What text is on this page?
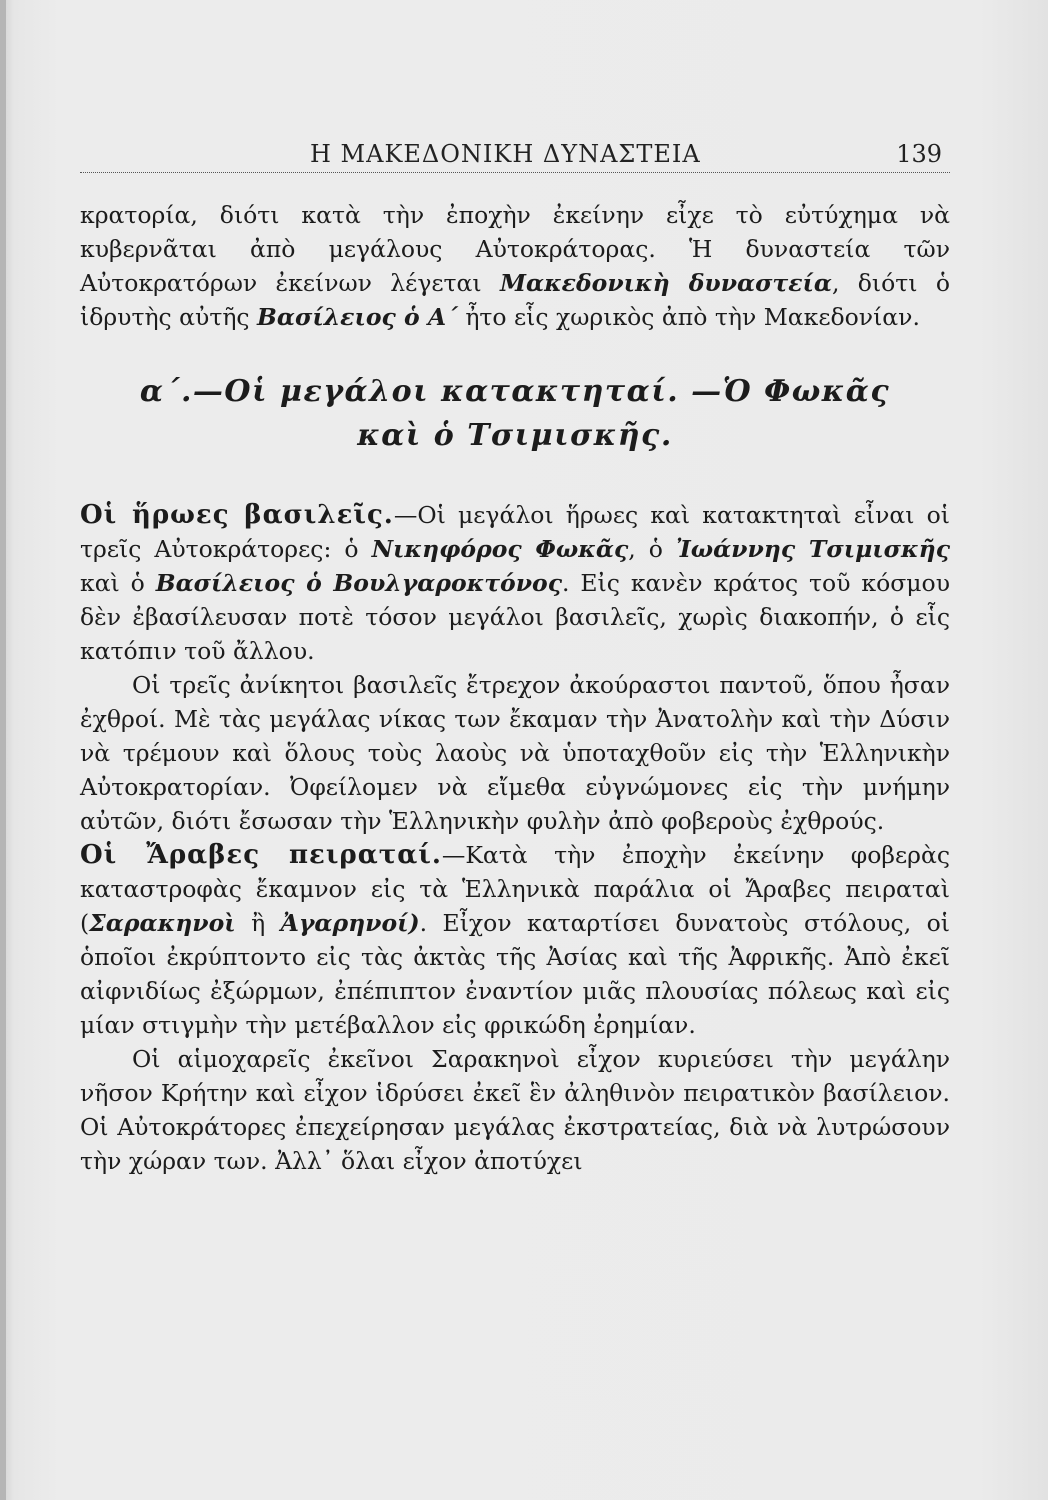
Η ΜΑΚΕΔΟΝΙΚΗ ΔΥΝΑΣΤΕΙΑ	139

κρατορία, διότι κατὰ τὴν ἐποχὴν ἐκείνην εἶχε τὸ εὐτύχημα νὰ κυβερνᾶται ἀπὸ μεγάλους Αὐτοκράτορας. Ἡ δυναστεία τῶν Αὐτοκρατόρων ἐκείνων λέγεται Μακεδονικὴ δυναστεία, διότι ὁ ἱδρυτὴς αὐτῆς Βασίλειος ὁ Α΄ ἦτο εἷς χωρικὸς ἀπὸ τὴν Μακεδονίαν.

α΄.—Οἱ μεγάλοι κατακτηταί. —Ὁ Φωκᾶς

καὶ ὁ Τσιμισκῆς.

Οἱ ἥρωες βασιλεῖς.—Οἱ μεγάλοι ἥρωες καὶ κατακτηταὶ εἶναι οἱ τρεῖς Αὐτοκράτορες: ὁ Νικηφόρος Φωκᾶς, ὁ Ἰωάννης Τσιμισκῆς καὶ ὁ Βασίλειος ὁ Βουλγαροκτόνος. Εἰς κανὲν κράτος τοῦ κόσμου δὲν ἐβασίλευσαν ποτὲ τόσον μεγάλοι βασιλεῖς, χωρὶς διακοπήν, ὁ εἷς κατόπιν τοῦ ἄλλου.

Οἱ τρεῖς ἀνίκητοι βασιλεῖς ἔτρεχον ἀκούραστοι παντοῦ, ὅπου ἦσαν ἐχθροί. Μὲ τὰς μεγάλας νίκας των ἔκαμαν τὴν Ἀνατολὴν καὶ τὴν Δύσιν νὰ τρέμουν καὶ ὅλους τοὺς λαοὺς νὰ ὑποταχθοῦν εἰς τὴν Ἑλληνικὴν Αὐτοκρατορίαν. Ὀφείλομεν νὰ εἴμεθα εὐγνώμονες εἰς τὴν μνήμην αὐτῶν, διότι ἔσωσαν τὴν Ἑλληνικὴν φυλὴν ἀπὸ φοβεροὺς ἐχθρούς.

Οἱ Ἄραβες πειραταί.—Κατὰ τὴν ἐποχὴν ἐκείνην φοβερὰς καταστροφὰς ἔκαμνον εἰς τὰ Ἑλληνικὰ παράλια οἱ Ἄραβες πειραταὶ (Σαρακηνοὶ ἢ Ἀγαρηνοί). Εἶχον καταρτίσει δυνατοὺς στόλους, οἱ ὁποῖοι ἐκρύπτοντο εἰς τὰς ἀκτὰς τῆς Ἀσίας καὶ τῆς Ἀφρικῆς. Ἀπὸ ἐκεῖ αἰφνιδίως ἐξώρμων, ἐπέπιπτον ἐναντίον μιᾶς πλουσίας πόλεως καὶ εἰς μίαν στιγμὴν τὴν μετέβαλλον εἰς φρικώδη ἐρημίαν.

Οἱ αἱμοχαρεῖς ἐκεῖνοι Σαρακηνοὶ εἶχον κυριεύσει τὴν μεγάλην νῆσον Κρήτην καὶ εἶχον ἱδρύσει ἐκεῖ ἓν ἀληθινὸν πειρατικὸν βασίλειον. Οἱ Αὐτοκράτορες ἐπεχείρησαν μεγάλας ἐκστρατείας, διὰ νὰ λυτρώσουν τὴν χώραν των. Ἀλλ᾿ ὅλαι εἶχον ἀποτύχει
